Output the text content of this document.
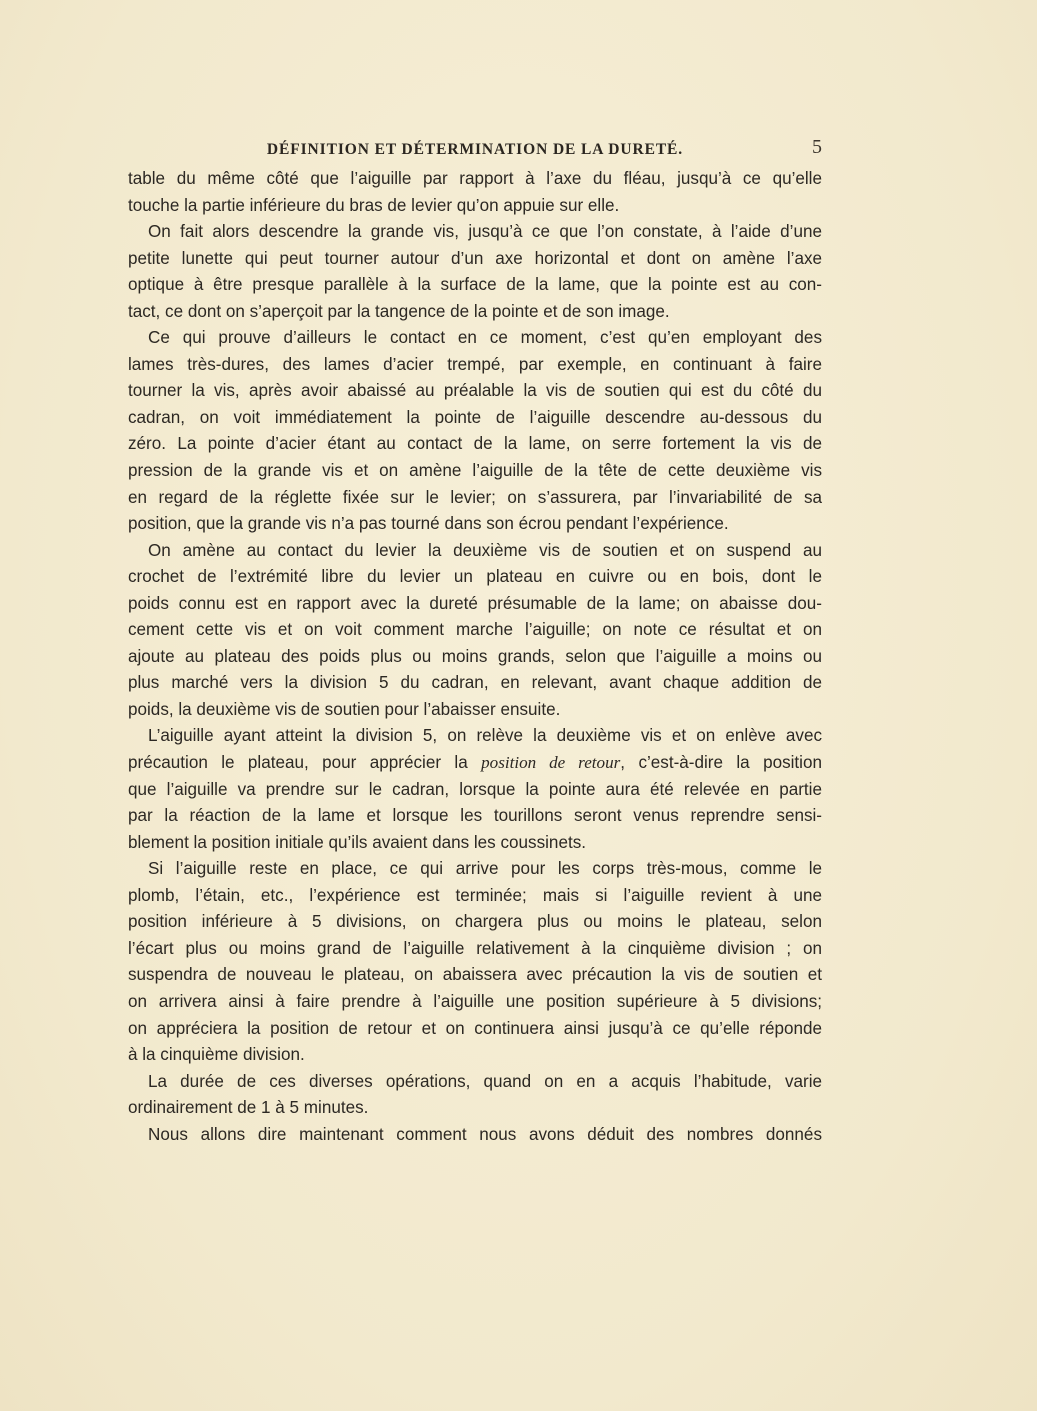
DÉFINITION ET DÉTERMINATION DE LA DURETÉ.	5
table du même côté que l’aiguille par rapport à l’axe du fléau, jusqu’à ce qu’elle
touche la partie inférieure du bras de levier qu’on appuie sur elle.
On fait alors descendre la grande vis, jusqu’à ce que l’on constate, à l’aide d’une
petite lunette qui peut tourner autour d’un axe horizontal et dont on amène l’axe
optique à être presque parallèle à la surface de la lame, que la pointe est au con-
tact, ce dont on s’aperçoit par la tangence de la pointe et de son image.
Ce qui prouve d’ailleurs le contact en ce moment, c’est qu’en employant des
lames très-dures, des lames d’acier trempé, par exemple, en continuant à faire
tourner la vis, après avoir abaissé au préalable la vis de soutien qui est du côté du
cadran, on voit immédiatement la pointe de l’aiguille descendre au-dessous du
zéro. La pointe d’acier étant au contact de la lame, on serre fortement la vis de
pression de la grande vis et on amène l’aiguille de la tête de cette deuxième vis
en regard de la réglette fixée sur le levier; on s’assurera, par l’invariabilité de sa
position, que la grande vis n’a pas tourné dans son écrou pendant l’expérience.
On amène au contact du levier la deuxième vis de soutien et on suspend au
crochet de l’extrémité libre du levier un plateau en cuivre ou en bois, dont le
poids connu est en rapport avec la dureté présumable de la lame; on abaisse dou-
cement cette vis et on voit comment marche l’aiguille; on note ce résultat et on
ajoute au plateau des poids plus ou moins grands, selon que l’aiguille a moins ou
plus marché vers la division 5 du cadran, en relevant, avant chaque addition de
poids, la deuxième vis de soutien pour l’abaisser ensuite.
L’aiguille ayant atteint la division 5, on relève la deuxième vis et on enlève avec
précaution le plateau, pour apprécier la position de retour, c’est-à-dire la position
que l’aiguille va prendre sur le cadran, lorsque la pointe aura été relevée en partie
par la réaction de la lame et lorsque les tourillons seront venus reprendre sensi-
blement la position initiale qu’ils avaient dans les coussinets.
Si l’aiguille reste en place, ce qui arrive pour les corps très-mous, comme le
plomb, l’étain, etc., l’expérience est terminée; mais si l’aiguille revient à une
position inférieure à 5 divisions, on chargera plus ou moins le plateau, selon
l’écart plus ou moins grand de l’aiguille relativement à la cinquième division ; on
suspendra de nouveau le plateau, on abaissera avec précaution la vis de soutien et
on arrivera ainsi à faire prendre à l’aiguille une position supérieure à 5 divisions;
on appréciera la position de retour et on continuera ainsi jusqu’à ce qu’elle réponde
à la cinquième division.
La durée de ces diverses opérations, quand on en a acquis l’habitude, varie
ordinairement de 1 à 5 minutes.
Nous allons dire maintenant comment nous avons déduit des nombres donnés
